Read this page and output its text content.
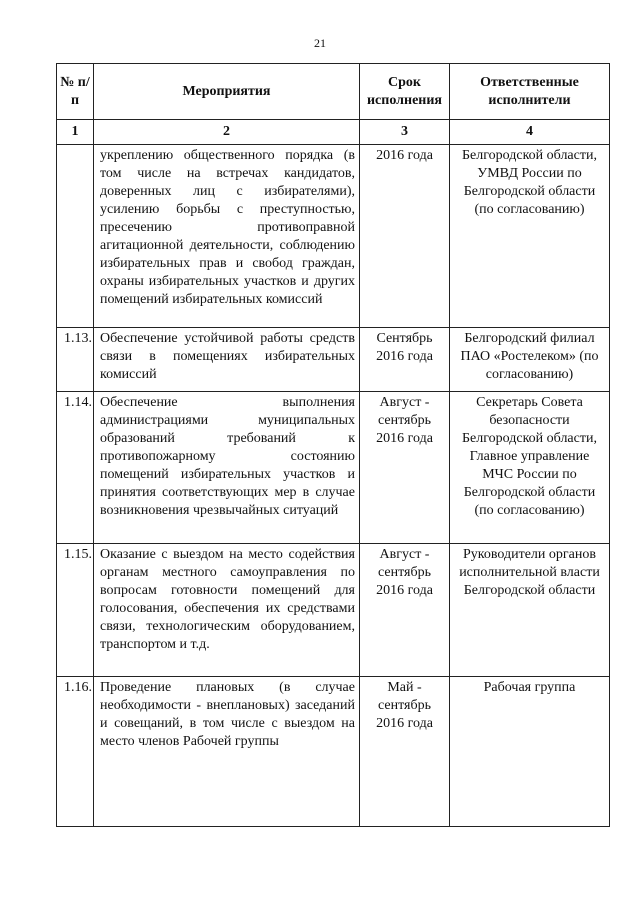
21
№ п/п	Мероприятия	Срок исполнения	Ответственные исполнители
1	2	3	4
	укреплению общественного порядка (в том числе на встречах кандидатов, доверенных лиц с избирателями), усилению борьбы с преступностью, пресечению противоправной агитационной деятельности, соблюдению избирательных прав и свобод граждан, охраны избирательных участков и других помещений избирательных комиссий	2016 года	Белгородской области, УМВД России по Белгородской области (по согласованию)
1.13.	Обеспечение устойчивой работы средств связи в помещениях избирательных комиссий	Сентябрь 2016 года	Белгородский филиал ПАО «Ростелеком» (по согласованию)
1.14.	Обеспечение выполнения администрациями муниципальных образований требований к противопожарному состоянию помещений избирательных участков и принятия соответствующих мер в случае возникновения чрезвычайных ситуаций	Август - сентябрь 2016 года	Секретарь Совета безопасности Белгородской области, Главное управление МЧС России по Белгородской области (по согласованию)
1.15.	Оказание с выездом на место содействия органам местного самоуправления по вопросам готовности помещений для голосования, обеспечения их средствами связи, технологическим оборудованием, транспортом и т.д.	Август - сентябрь 2016 года	Руководители органов исполнительной власти Белгородской области
1.16.	Проведение плановых (в случае необходимости - внеплановых) заседаний и совещаний, в том числе с выездом на место членов Рабочей группы	Май - сентябрь 2016 года	Рабочая группа
